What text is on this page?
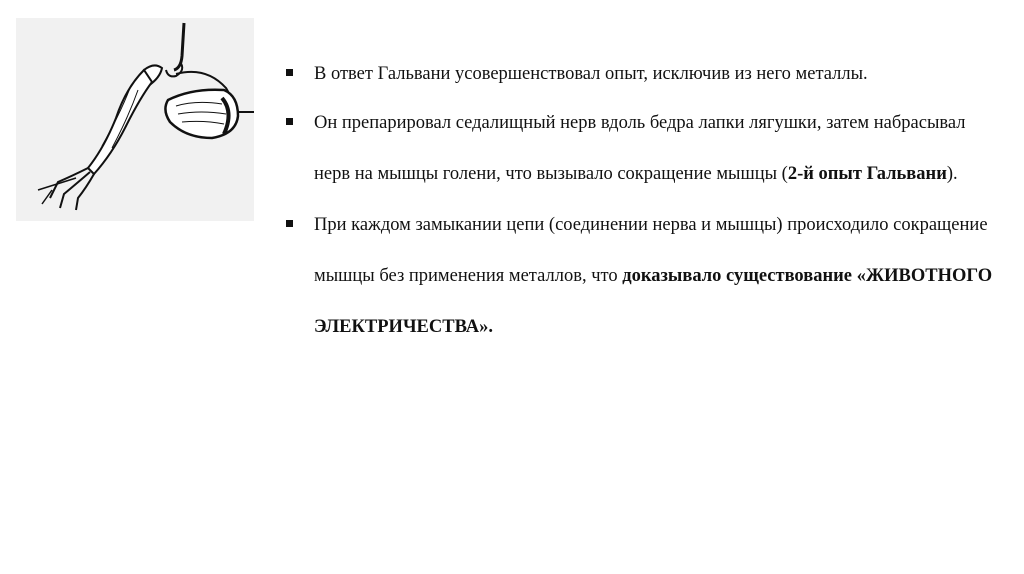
В ответ Гальвани усовершенствовал опыт, исключив из него металлы.

Он препарировал седалищный нерв вдоль бедра лапки лягушки, затем набрасывал нерв на мышцы голени, что вызывало сокращение мышцы (2-й опыт Гальвани).

При каждом замыкании цепи (соединении нерва и мышцы) происходило сокращение мышцы без применения металлов, что доказывало существование «ЖИВОТНОГО ЭЛЕКТРИЧЕСТВА».
